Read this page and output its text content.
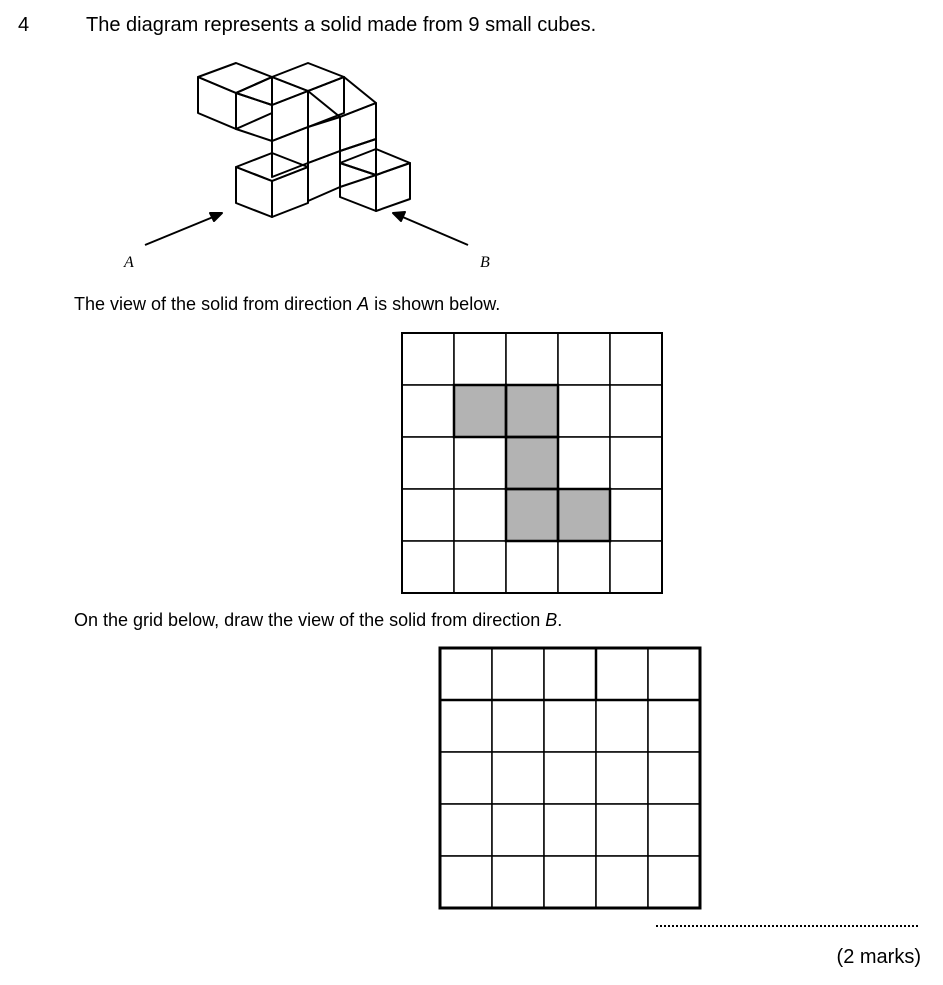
4	The diagram represents a solid made from 9 small cubes.
A	B
The view of the solid from direction A is shown below.
On the grid below, draw the view of the solid from direction B.
(2 marks)
